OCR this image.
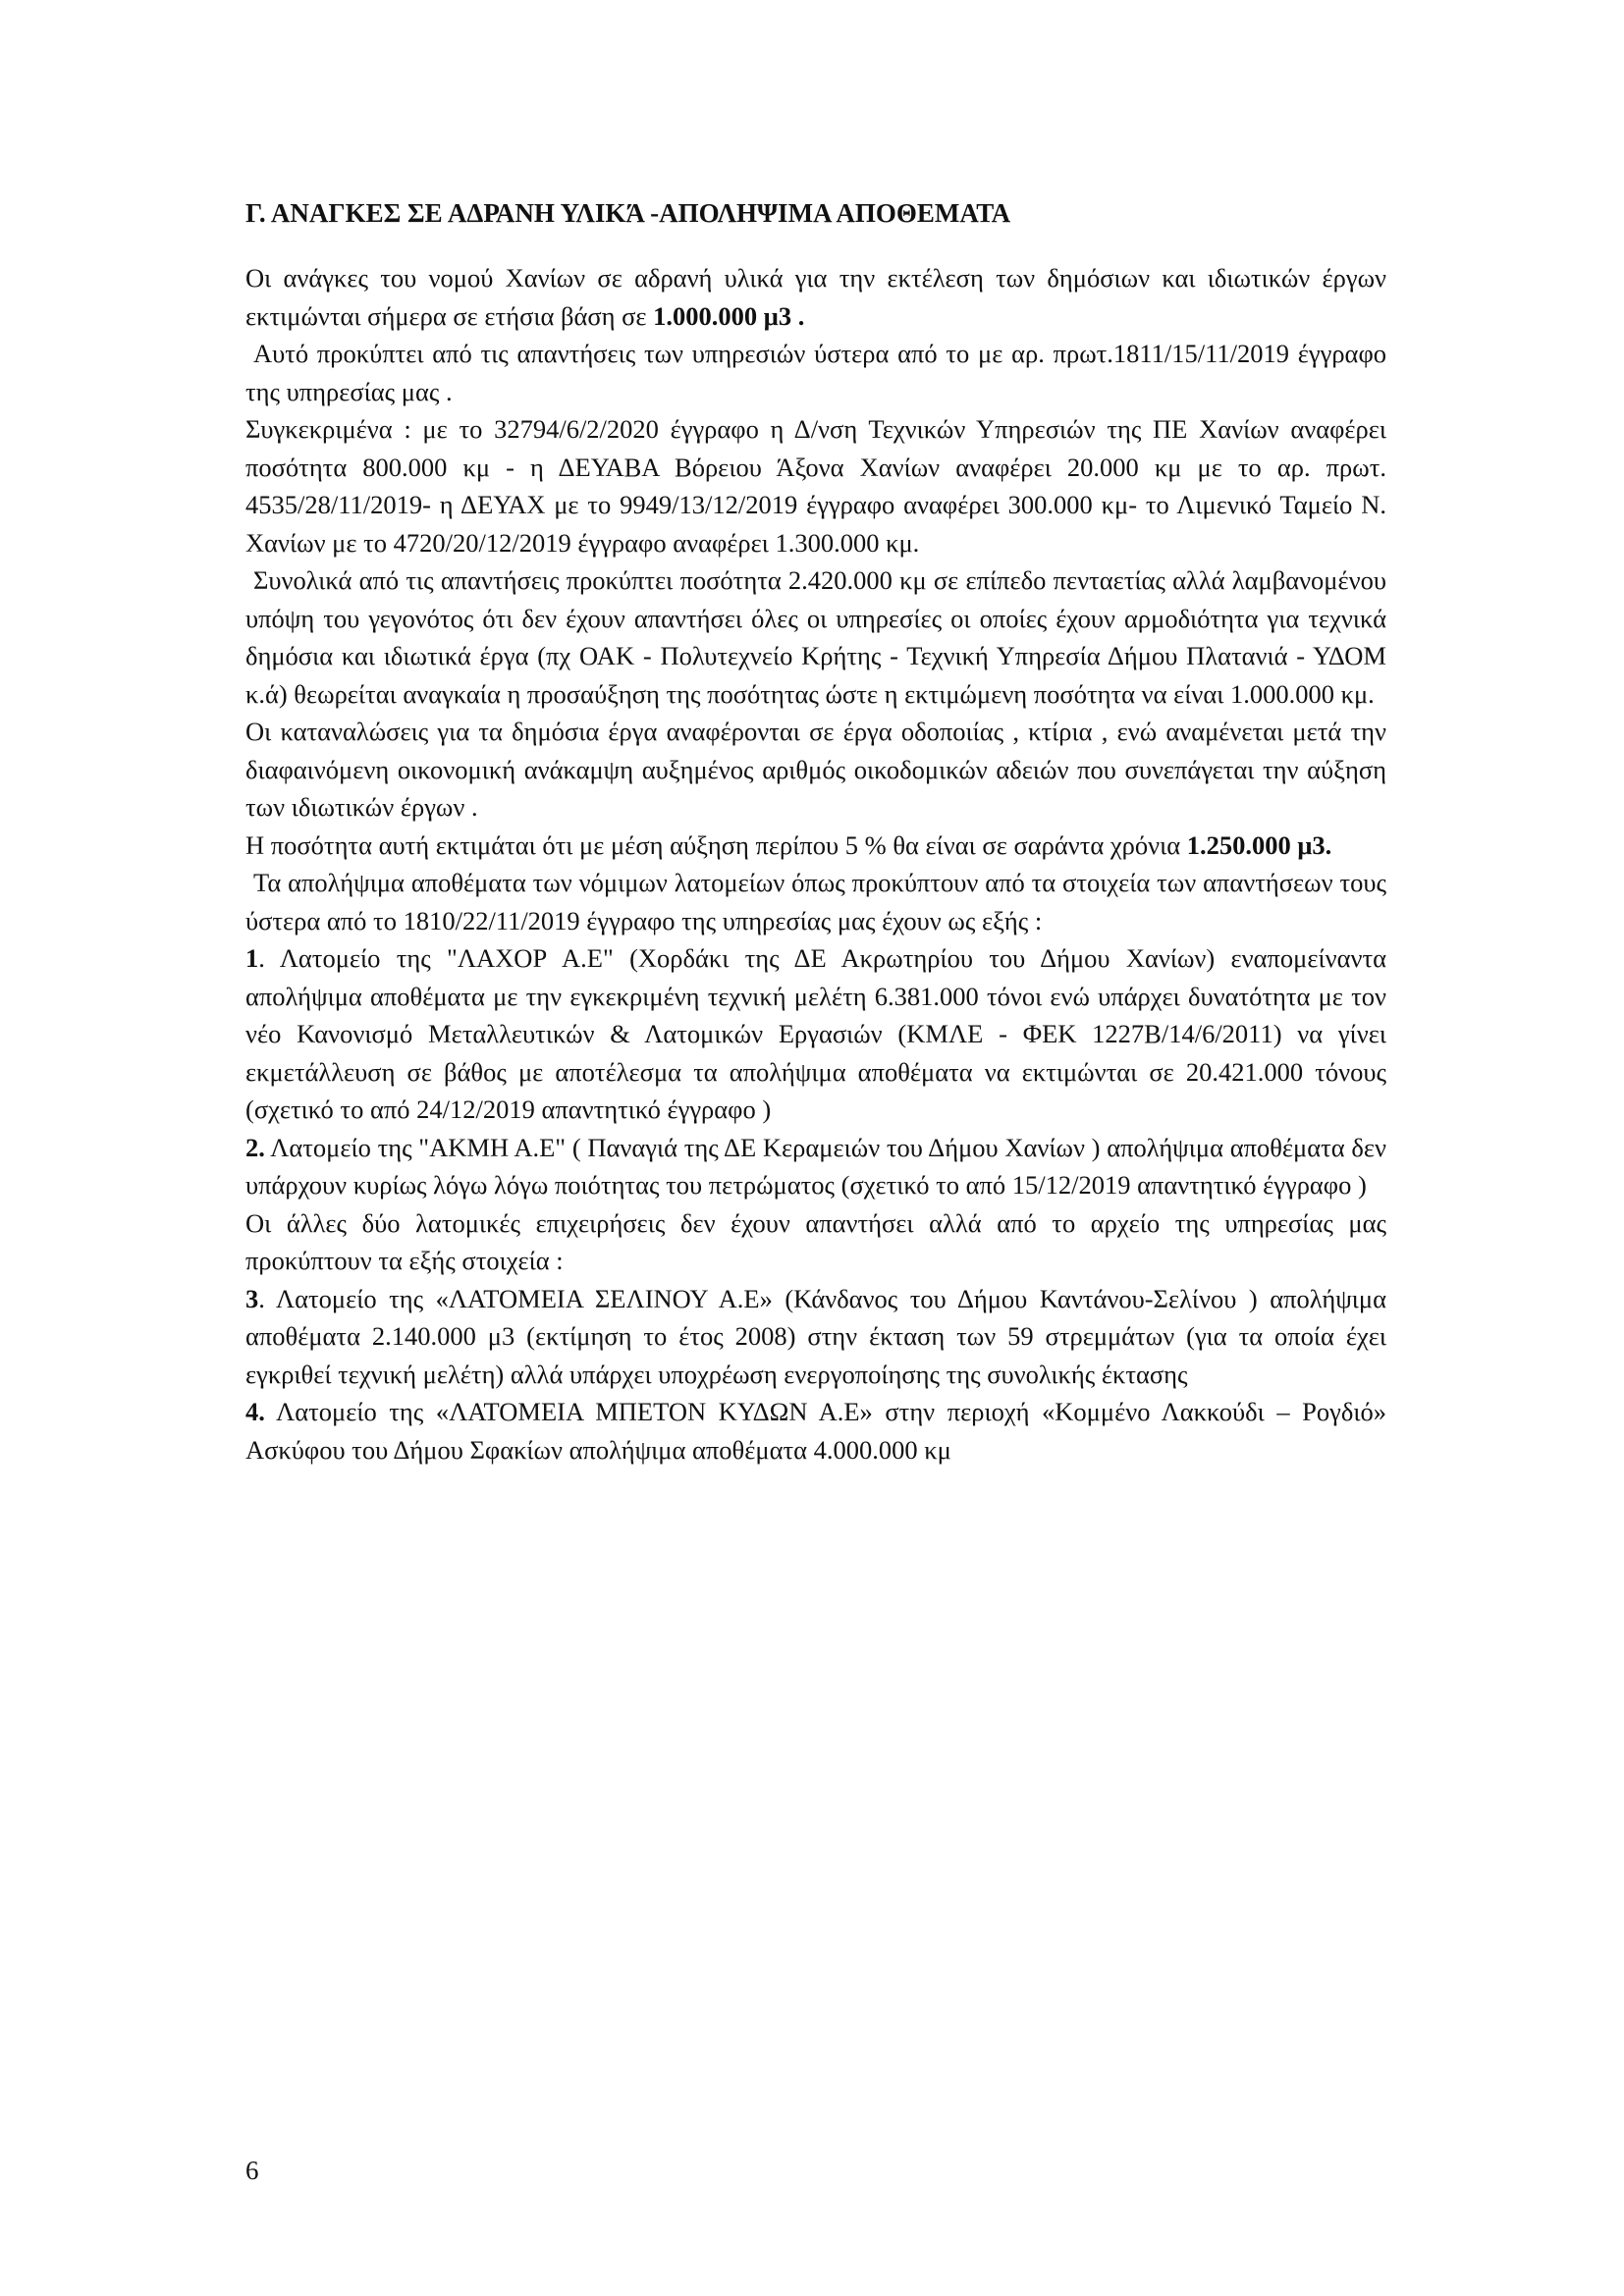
Γ. ΑΝΑΓΚΕΣ ΣΕ ΑΔΡΑΝΗ ΥΛΙΚΆ -ΑΠΟΛΗΨΙΜΑ ΑΠΟΘΕΜΑΤΑ

Οι ανάγκες του νομού Χανίων σε αδρανή υλικά για την εκτέλεση των δημόσιων και ιδιωτικών έργων εκτιμώνται σήμερα σε ετήσια βάση σε 1.000.000 μ3 .

Αυτό προκύπτει από τις απαντήσεις των υπηρεσιών ύστερα από το με αρ. πρωτ.1811/15/11/2019 έγγραφο της υπηρεσίας μας .

Συγκεκριμένα : με το 32794/6/2/2020 έγγραφο η Δ/νση Τεχνικών Υπηρεσιών της ΠΕ Χανίων αναφέρει ποσότητα 800.000 κμ - η ΔΕΥΑΒΑ Βόρειου Άξονα Χανίων αναφέρει 20.000 κμ με το αρ. πρωτ. 4535/28/11/2019- η ΔΕΥΑΧ με το 9949/13/12/2019 έγγραφο αναφέρει 300.000 κμ- το Λιμενικό Ταμείο Ν. Χανίων με το 4720/20/12/2019 έγγραφο αναφέρει 1.300.000 κμ.

Συνολικά από τις απαντήσεις προκύπτει ποσότητα 2.420.000 κμ σε επίπεδο πενταετίας αλλά λαμβανομένου υπόψη του γεγονότος ότι δεν έχουν απαντήσει όλες οι υπηρεσίες οι οποίες έχουν αρμοδιότητα για τεχνικά δημόσια και ιδιωτικά έργα (πχ ΟΑΚ - Πολυτεχνείο Κρήτης - Τεχνική Υπηρεσία Δήμου Πλατανιά - ΥΔΟΜ κ.ά) θεωρείται αναγκαία η προσαύξηση της ποσότητας ώστε η εκτιμώμενη ποσότητα να είναι 1.000.000 κμ.

Οι καταναλώσεις για τα δημόσια έργα αναφέρονται σε έργα οδοποιίας , κτίρια , ενώ αναμένεται μετά την διαφαινόμενη οικονομική ανάκαμψη αυξημένος αριθμός οικοδομικών αδειών που συνεπάγεται την αύξηση των ιδιωτικών έργων .

Η ποσότητα αυτή εκτιμάται ότι με μέση αύξηση περίπου 5 % θα είναι σε σαράντα χρόνια 1.250.000 μ3.

Τα απολήψιμα αποθέματα των νόμιμων λατομείων όπως προκύπτουν από τα στοιχεία των απαντήσεων τους ύστερα από το 1810/22/11/2019 έγγραφο της υπηρεσίας μας έχουν ως εξής :

1. Λατομείο της "ΛΑΧΟΡ Α.Ε" (Χορδάκι της ΔΕ Ακρωτηρίου του Δήμου Χανίων) εναπομείναντα απολήψιμα αποθέματα με την εγκεκριμένη τεχνική μελέτη 6.381.000 τόνοι ενώ υπάρχει δυνατότητα με τον νέο Κανονισμό Μεταλλευτικών & Λατομικών Εργασιών (ΚΜΛΕ - ΦΕΚ 1227Β/14/6/2011) να γίνει εκμετάλλευση σε βάθος με αποτέλεσμα τα απολήψιμα αποθέματα να εκτιμώνται σε 20.421.000 τόνους (σχετικό το από 24/12/2019 απαντητικό έγγραφο )

2. Λατομείο της "ΑΚΜΗ Α.Ε" ( Παναγιά της ΔΕ Κεραμειών του Δήμου Χανίων ) απολήψιμα αποθέματα δεν υπάρχουν κυρίως λόγω λόγω ποιότητας του πετρώματος (σχετικό το από 15/12/2019 απαντητικό έγγραφο )

Οι άλλες δύο λατομικές επιχειρήσεις δεν έχουν απαντήσει αλλά από το αρχείο της υπηρεσίας μας προκύπτουν τα εξής στοιχεία :

3. Λατομείο της «ΛΑΤΟΜΕΙΑ ΣΕΛΙΝΟΥ Α.Ε» (Κάνδανος του Δήμου Καντάνου-Σελίνου ) απολήψιμα αποθέματα 2.140.000 μ3 (εκτίμηση το έτος 2008) στην έκταση των 59 στρεμμάτων (για τα οποία έχει εγκριθεί τεχνική μελέτη) αλλά υπάρχει υποχρέωση ενεργοποίησης της συνολικής έκτασης

4. Λατομείο της «ΛΑΤΟΜΕΙΑ ΜΠΕΤΟΝ ΚΥΔΩΝ Α.Ε» στην περιοχή «Κομμένο Λακκούδι – Ρογδιό» Ασκύφου του Δήμου Σφακίων απολήψιμα αποθέματα 4.000.000 κμ

6
